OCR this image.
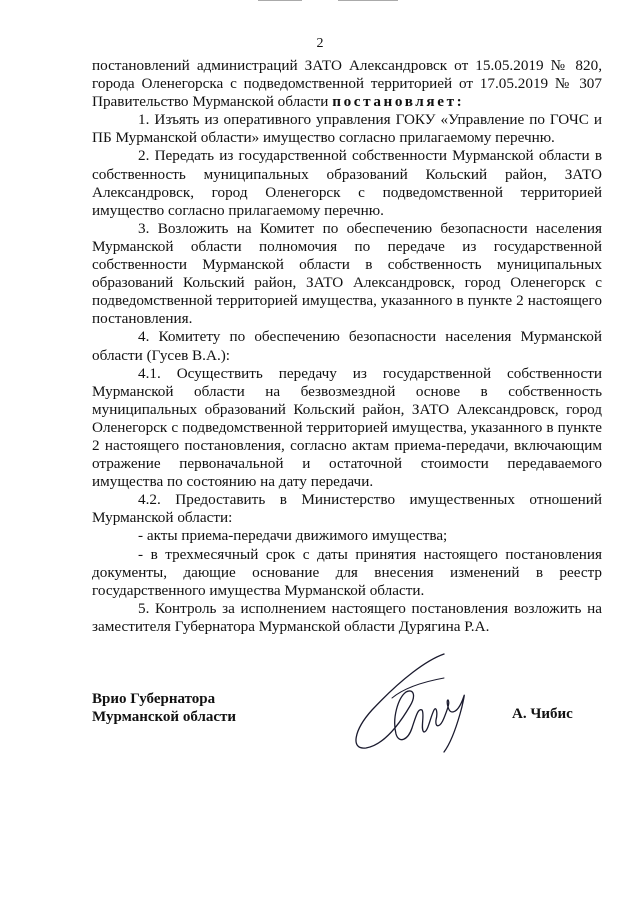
2

постановлений администраций ЗАТО Александровск от 15.05.2019 № 820, города Оленегорска с подведомственной территорией от 17.05.2019 № 307 Правительство Мурманской области постановляет:

1. Изъять из оперативного управления ГОКУ «Управление по ГОЧС и ПБ Мурманской области» имущество согласно прилагаемому перечню.

2. Передать из государственной собственности Мурманской области в собственность муниципальных образований Кольский район, ЗАТО Александровск, город Оленегорск с подведомственной территорией имущество согласно прилагаемому перечню.

3. Возложить на Комитет по обеспечению безопасности населения Мурманской области полномочия по передаче из государственной собственности Мурманской области в собственность муниципальных образований Кольский район, ЗАТО Александровск, город Оленегорск с подведомственной территорией имущества, указанного в пункте 2 настоящего постановления.

4. Комитету по обеспечению безопасности населения Мурманской области (Гусев В.А.):

4.1. Осуществить передачу из государственной собственности Мурманской области на безвозмездной основе в собственность муниципальных образований Кольский район, ЗАТО Александровск, город Оленегорск с подведомственной территорией имущества, указанного в пункте 2 настоящего постановления, согласно актам приема-передачи, включающим отражение первоначальной и остаточной стоимости передаваемого имущества по состоянию на дату передачи.

4.2. Предоставить в Министерство имущественных отношений Мурманской области:

- акты приема-передачи движимого имущества;

- в трехмесячный срок с даты принятия настоящего постановления документы, дающие основание для внесения изменений в реестр государственного имущества Мурманской области.

5. Контроль за исполнением настоящего постановления возложить на заместителя Губернатора Мурманской области Дурягина Р.А.

Врио Губернатора
Мурманской области	А. Чибис
